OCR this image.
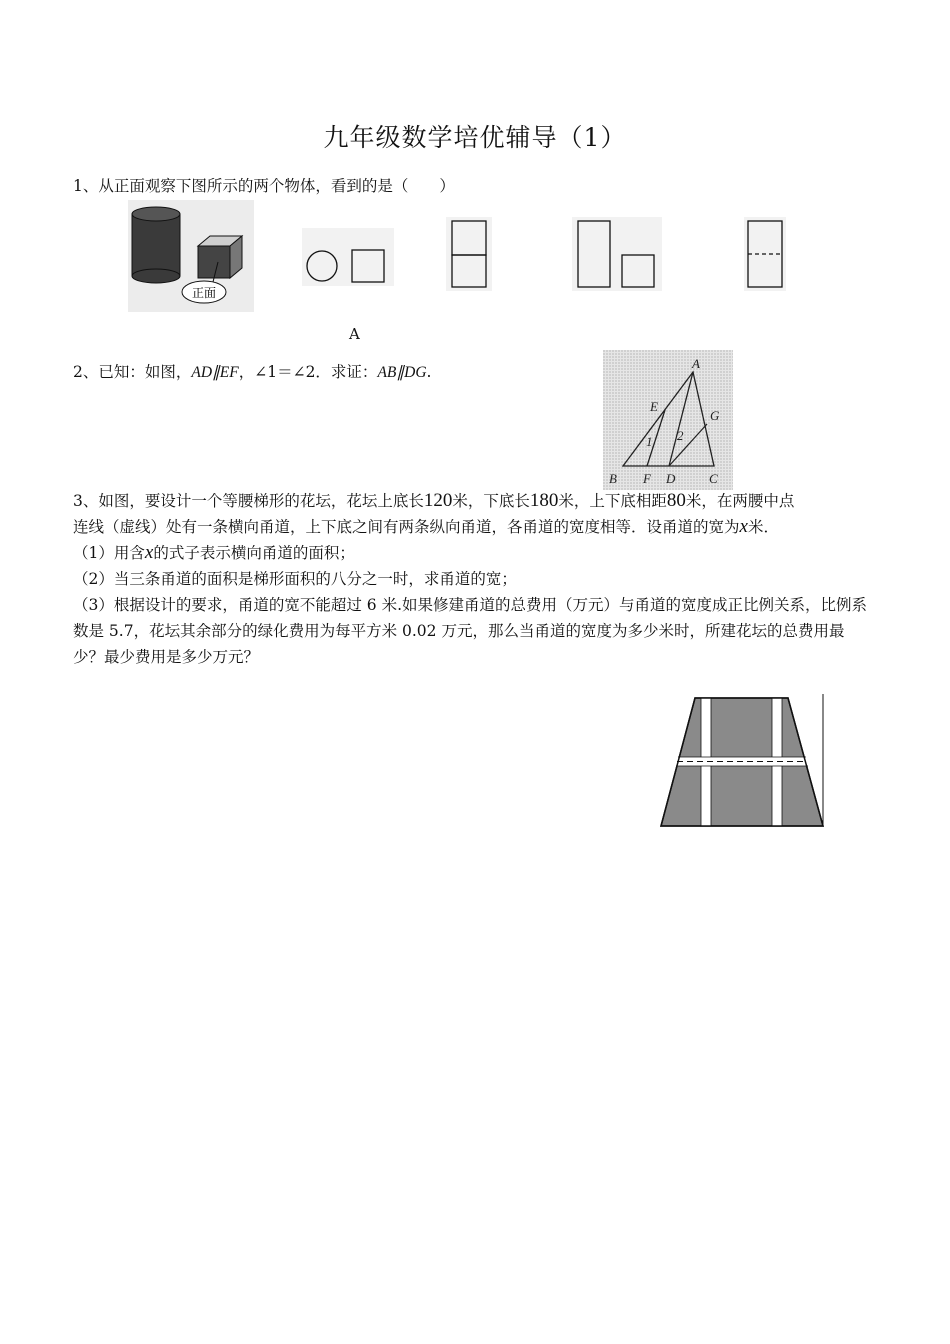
九年级数学培优辅导（1）
1、从正面观察下图所示的两个物体，看到的是（　　）
正面
A
2、已知：如图，AD∥EF，∠1＝∠2．求证：AB∥DG.	A
E
G
1 2
B F D	C

3、如图，要设计一个等腰梯形的花坛，花坛上底长120米，下底长180米，上下底相距80米，在两腰中点

连线（虚线）处有一条横向甬道，上下底之间有两条纵向甬道，各甬道的宽度相等．设甬道的宽为x米．

（1）用含x的式子表示横向甬道的面积；

（2）当三条甬道的面积是梯形面积的八分之一时，求甬道的宽；

（3）根据设计的要求，甬道的宽不能超过 6 米.如果修建甬道的总费用（万元）与甬道的宽度成正比例关系，比例系数是 5.7，花坛其余部分的绿化费用为每平方米 0.02 万元，那么当甬道的宽度为多少米时，所建花坛的总费用最少？最少费用是多少万元？
